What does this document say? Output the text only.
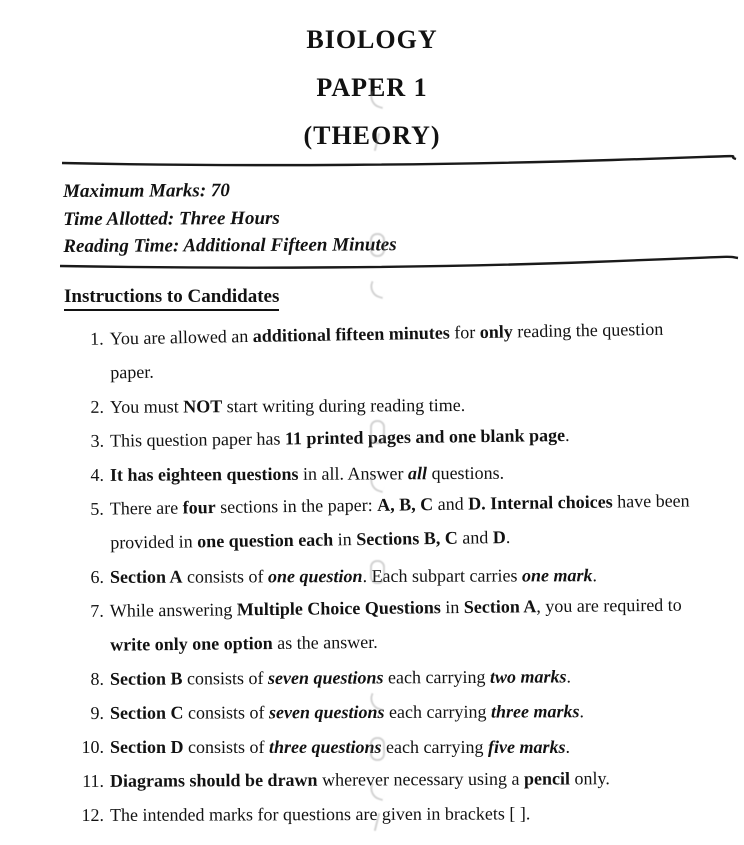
BIOLOGY
PAPER 1
(THEORY)
Maximum Marks: 70
Time Allotted: Three Hours
Reading Time: Additional Fifteen Minutes
Instructions to Candidates
1. You are allowed an additional fifteen minutes for only reading the question paper.
2. You must NOT start writing during reading time.
3. This question paper has 11 printed pages and one blank page.
4. It has eighteen questions in all. Answer all questions.
5. There are four sections in the paper: A, B, C and D. Internal choices have been provided in one question each in Sections B, C and D.
6. Section A consists of one question. Each subpart carries one mark.
7. While answering Multiple Choice Questions in Section A, you are required to write only one option as the answer.
8. Section B consists of seven questions each carrying two marks.
9. Section C consists of seven questions each carrying three marks.
10. Section D consists of three questions each carrying five marks.
11. Diagrams should be drawn wherever necessary using a pencil only.
12. The intended marks for questions are given in brackets [ ].
